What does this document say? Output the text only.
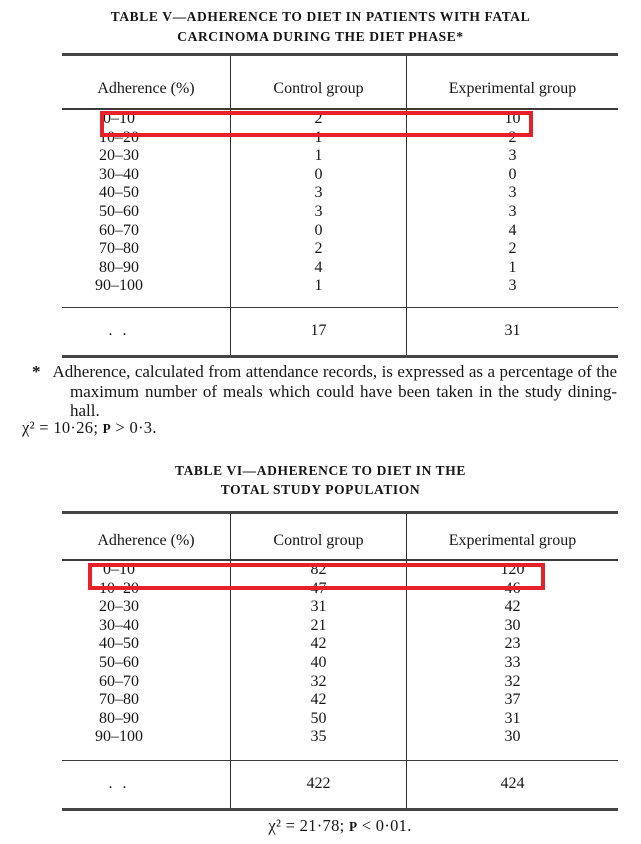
TABLE V—ADHERENCE TO DIET IN PATIENTS WITH FATAL
CARCINOMA DURING THE DIET PHASE*
Adherence (%)	Control group	Experimental group
0–10	2	10
10–20	1	2
20–30	1	3
30–40	0	0
40–50	3	3
50–60	3	3
60–70	0	4
70–80	2	2
80–90	4	1
90–100	1	3
. .	17	31
* Adherence, calculated from attendance records, is expressed as a percentage of the maximum number of meals which could have been taken in the study dining-hall.
χ² = 10·26; P > 0·3.
TABLE VI—ADHERENCE TO DIET IN THE
TOTAL STUDY POPULATION
Adherence (%)	Control group	Experimental group
0–10	82	120
10–20	47	46
20–30	31	42
30–40	21	30
40–50	42	23
50–60	40	33
60–70	32	32
70–80	42	37
80–90	50	31
90–100	35	30
. .	422	424
χ² = 21·78; P < 0·01.
